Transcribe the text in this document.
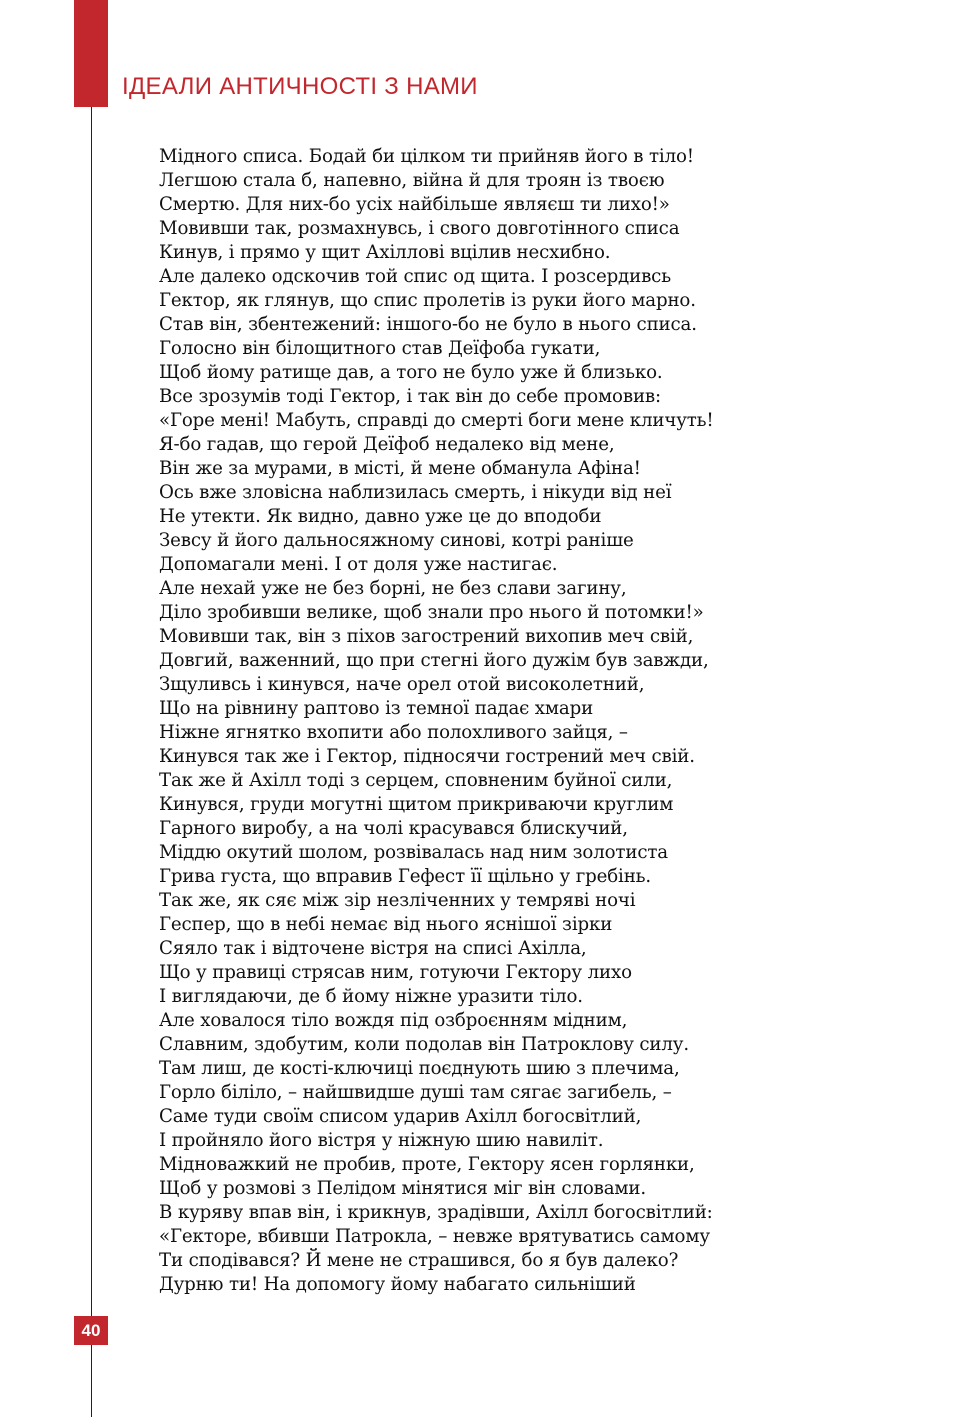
ІДЕАЛИ АНТИЧНОСТІ З НАМИ
Мідного списа. Бодай би цілком ти прийняв його в тіло!
Легшою стала б, напевно, війна й для троян із твоєю
Смертю. Для них-бо усіх найбільше являєш ти лихо!»
Мовивши так, розмахнувсь, і свого довготінного списа
Кинув, і прямо у щит Ахіллові вцілив несхибно.
Але далеко одскочив той спис од щита. І розсердивсь
Гектор, як глянув, що спис пролетів із руки його марно.
Став він, збентежений: іншого-бо не було в нього списа.
Голосно він білощитного став Деїфоба гукати,
Щоб йому ратище дав, а того не було уже й близько.
Все зрозумів тоді Гектор, і так він до себе промовив:
«Горе мені! Мабуть, справді до смерті боги мене кличуть!
Я-бо гадав, що герой Деїфоб недалеко від мене,
Він же за мурами, в місті, й мене обманула Афіна!
Ось вже зловісна наблизилась смерть, і нікуди від неї
Не утекти. Як видно, давно уже це до вподоби
Зевсу й його дальносяжному синові, котрі раніше
Допомагали мені. І от доля уже настигає.
Але нехай уже не без борні, не без слави загину,
Діло зробивши велике, щоб знали про нього й потомки!»
Мовивши так, він з піхов загострений вихопив меч свій,
Довгий, важенний, що при стегні його дужім був завжди,
Зщуливсь і кинувся, наче орел отой високолетний,
Що на рівнину раптово із темної падає хмари
Ніжне ягнятко вхопити або полохливого зайця, –
Кинувся так же і Гектор, підносячи гострений меч свій.
Так же й Ахілл тоді з серцем, сповненим буйної сили,
Кинувся, груди могутні щитом прикриваючи круглим
Гарного виробу, а на чолі красувався блискучий,
Міддю окутий шолом, розвівалась над ним золотиста
Грива густа, що вправив Гефест її щільно у гребінь.
Так же, як сяє між зір незліченних у темряві ночі
Геспер, що в небі немає від нього яснішої зірки
Сяяло так і відточене вістря на списі Ахілла,
Що у правиці стрясав ним, готуючи Гектору лихо
І виглядаючи, де б йому ніжне уразити тіло.
Але ховалося тіло вождя під озброєнням мідним,
Славним, здобутим, коли подолав він Патроклову силу.
Там лиш, де кості-ключиці поєднують шию з плечима,
Горло біліло, – найшвидше душі там сягає загибель, –
Саме туди своїм списом ударив Ахілл богосвітлий,
І пройняло його вістря у ніжную шию навиліт.
Мідноважкий не пробив, проте, Гектору ясен горлянки,
Щоб у розмові з Пелідом мінятися міг він словами.
В куряву впав він, і крикнув, зрадівши, Ахілл богосвітлий:
«Гекторе, вбивши Патрокла, – невже врятуватись самому
Ти сподівався? Й мене не страшився, бо я був далеко?
Дурню ти! На допомогу йому набагато сильніший
40
